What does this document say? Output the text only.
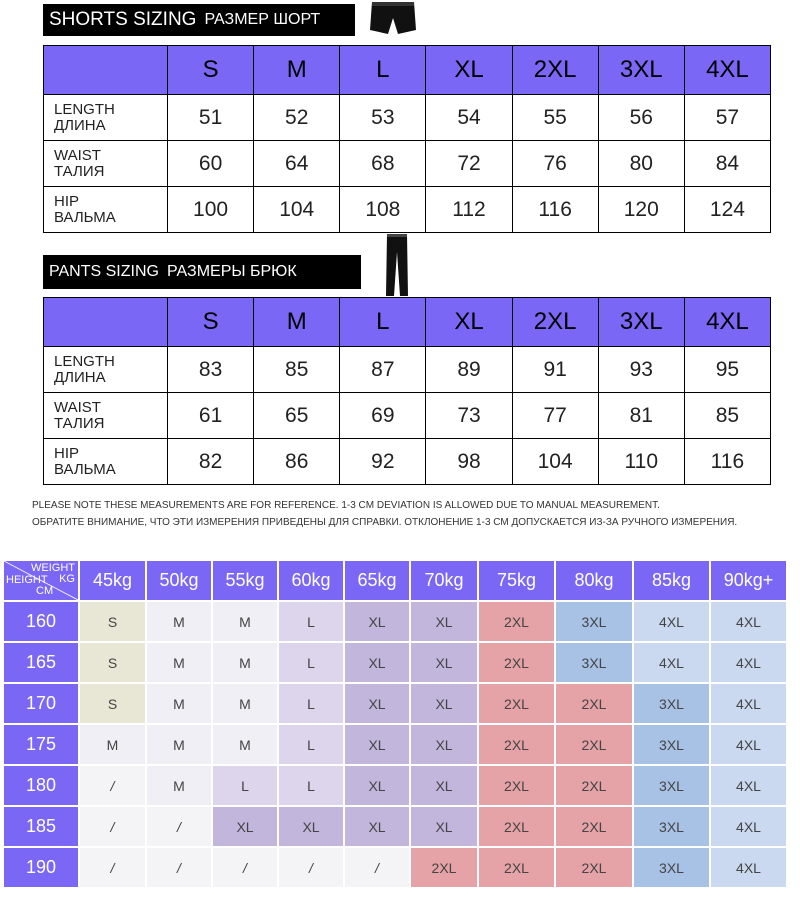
SHORTS SIZING РАЗМЕР ШОРТ
	S	M	L	XL	2XL	3XL	4XL
LENGTH
ДЛИНА	51	52	53	54	55	56	57
WAIST
ТАЛИЯ	60	64	68	72	76	80	84
HIP
ВАЛЬМА	100	104	108	112	116	120	124
PANTS SIZING РАЗМЕРЫ БРЮК
	S	M	L	XL	2XL	3XL	4XL
LENGTH
ДЛИНА	83	85	87	89	91	93	95
WAIST
ТАЛИЯ	61	65	69	73	77	81	85
HIP
ВАЛЬМА	82	86	92	98	104	110	116
PLEASE NOTE THESE MEASUREMENTS ARE FOR REFERENCE. 1-3 CM DEVIATION IS ALLOWED DUE TO MANUAL MEASUREMENT.
ОБРАТИТЕ ВНИМАНИЕ, ЧТО ЭТИ ИЗМЕРЕНИЯ ПРИВЕДЕНЫ ДЛЯ СПРАВКИ. ОТКЛОНЕНИЕ 1-3 СМ ДОПУСКАЕТСЯ ИЗ-ЗА РУЧНОГО ИЗМЕРЕНИЯ.
WEIGHT
KG
HEIGHT
CM	45kg	50kg	55kg	60kg	65kg	70kg	75kg	80kg	85kg	90kg+
160	S	M	M	L	XL	XL	2XL	3XL	4XL	4XL
165	S	M	M	L	XL	XL	2XL	3XL	4XL	4XL
170	S	M	M	L	XL	XL	2XL	2XL	3XL	4XL
175	M	M	M	L	XL	XL	2XL	2XL	3XL	4XL
180	/	M	L	L	XL	XL	2XL	2XL	3XL	4XL
185	/	/	XL	XL	XL	XL	2XL	2XL	3XL	4XL
190	/	/	/	/	/	2XL	2XL	2XL	3XL	4XL
